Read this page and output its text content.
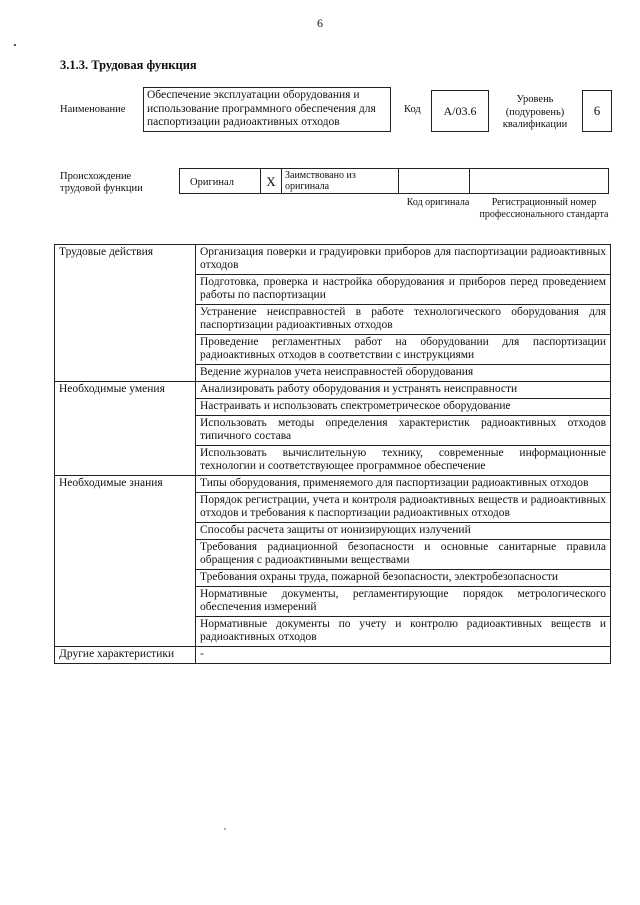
6
3.1.3. Трудовая функция
Наименование
Обеспечение эксплуатации оборудования и использование программного обеспечения для паспортизации радиоактивных отходов
Код	A/03.6
Уровень (подуровень) квалификации
6
Происхождение трудовой функции
Оригинал	X Заимствовано из оригинала
Код оригинала	Регистрационный номер профессионального стандарта
Трудовые действия	Организация поверки и градуировки приборов для паспортизации радиоактивных отходов
	Подготовка, проверка и настройка оборудования и приборов перед проведением работы по паспортизации
	Устранение неисправностей в работе технологического оборудования для паспортизации радиоактивных отходов
	Проведение регламентных работ на оборудовании для паспортизации радиоактивных отходов в соответствии с инструкциями
	Ведение журналов учета неисправностей оборудования
Необходимые умения	Анализировать работу оборудования и устранять неисправности
	Настраивать и использовать спектрометрическое оборудование
	Использовать методы определения характеристик радиоактивных отходов типичного состава
	Использовать вычислительную технику, современные информационные технологии и соответствующее программное обеспечение
Необходимые знания	Типы оборудования, применяемого для паспортизации радиоактивных отходов
	Порядок регистрации, учета и контроля радиоактивных веществ и радиоактивных отходов и требования к паспортизации радиоактивных отходов
	Способы расчета защиты от ионизирующих излучений
	Требования радиационной безопасности и основные санитарные правила обращения с радиоактивными веществами
	Требования охраны труда, пожарной безопасности, электробезопасности
	Нормативные документы, регламентирующие порядок метрологического обеспечения измерений
	Нормативные документы по учету и контролю радиоактивных веществ и радиоактивных отходов
Другие характеристики	-
